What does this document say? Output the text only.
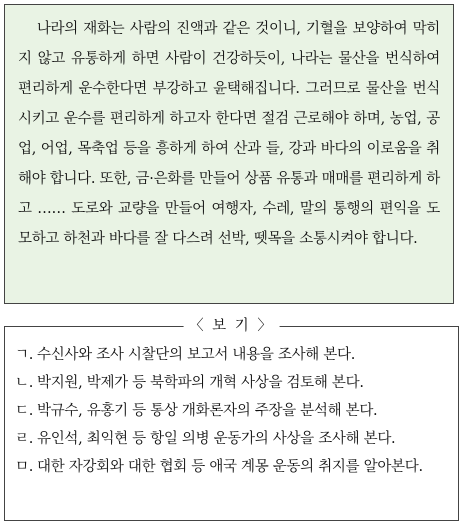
나라의 재화는 사람의 진액과 같은 것이니, 기혈을 보양하여 막히지 않고 유통하게 하면 사람이 건강하듯이, 나라는 물산을 번식하여 편리하게 운수한다면 부강하고 윤택해집니다. 그러므로 물산을 번식시키고 운수를 편리하게 하고자 한다면 절검 근로해야 하며, 농업, 공업, 어업, 목축업 등을 흥하게 하여 산과 들, 강과 바다의 이로움을 취해야 합니다. 또한, 금·은화를 만들어 상품 유통과 매매를 편리하게 하고 …… 도로와 교량을 만들어 여행자, 수레, 말의 통행의 편익을 도모하고 하천과 바다를 잘 다스려 선박, 뗏목을 소통시켜야 합니다.

〈 보 기 〉
ㄱ. 수신사와 조사 시찰단의 보고서 내용을 조사해 본다.
ㄴ. 박지원, 박제가 등 북학파의 개혁 사상을 검토해 본다.
ㄷ. 박규수, 유홍기 등 통상 개화론자의 주장을 분석해 본다.
ㄹ. 유인석, 최익현 등 항일 의병 운동가의 사상을 조사해 본다.
ㅁ. 대한 자강회와 대한 협회 등 애국 계몽 운동의 취지를 알아본다.
